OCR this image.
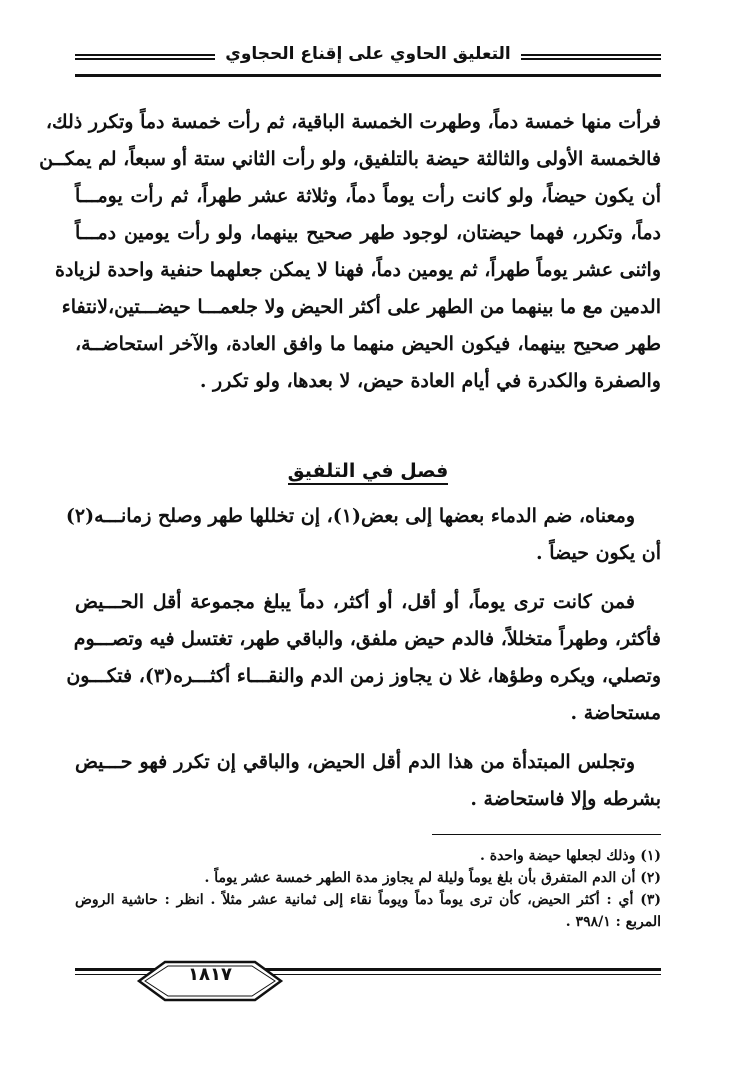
التعليق الحاوي على إقناع الحجاوي
فرأت منها خمسة دماً، وطهرت الخمسة الباقية، ثم رأت خمسة دماً وتكرر ذلك،
فالخمسة الأولى والثالثة حيضة بالتلفيق، ولو رأت الثاني ستة أو سبعاً، لم يمكــن
أن يكون حيضاً، ولو كانت رأت يوماً دماً، وثلاثة عشر طهراً، ثم رأت يومـــاً
دماً، وتكرر، فهما حيضتان، لوجود طهر صحيح بينهما، ولو رأت يومين دمـــاً
واثنى عشر يوماً طهراً، ثم يومين دماً، فهنا لا يمكن جعلهما حنفية واحدة لزيادة
الدمين مع ما بينهما من الطهر على أكثر الحيض ولا جلعمـــا حيضـــتين،لانتفاء
طهر صحيح بينهما، فيكون الحيض منهما ما وافق العادة، والآخر استحاضــة،
والصفرة والكدرة في أيام العادة حيض، لا بعدها، ولو تكرر .
فصل في التلفيق
ومعناه، ضم الدماء بعضها إلى بعض(١)، إن تخللها طهر وصلح زمانـــه(٢)
أن يكون حيضاً .
فمن كانت ترى يوماً، أو أقل، أو أكثر، دماً يبلغ مجموعة أقل الحـــيض
فأكثر، وطهراً متخللاً، فالدم حيض ملفق، والباقي طهر، تغتسل فيه وتصـــوم
وتصلي، ويكره وطؤها، غلا ن يجاوز زمن الدم والنقـــاء أكثـــره(٣)، فتكـــون
مستحاضة .
وتجلس المبتدأة من هذا الدم أقل الحيض، والباقي إن تكرر فهو حـــيض
بشرطه وإلا فاستحاضة .
(١) وذلك لجعلها حيضة واحدة .
(٢) أن الدم المتفرق بأن بلغ يوماً وليلة لم يجاوز مدة الطهر خمسة عشر يوماً .
(٣) أي : أكثر الحيض، كأن ترى يوماً دماً ويوماً نقاء إلى ثمانية عشر مثلاً . انظر : حاشية الروض المربع : ٣٩٨/١ .
١٨١٧
